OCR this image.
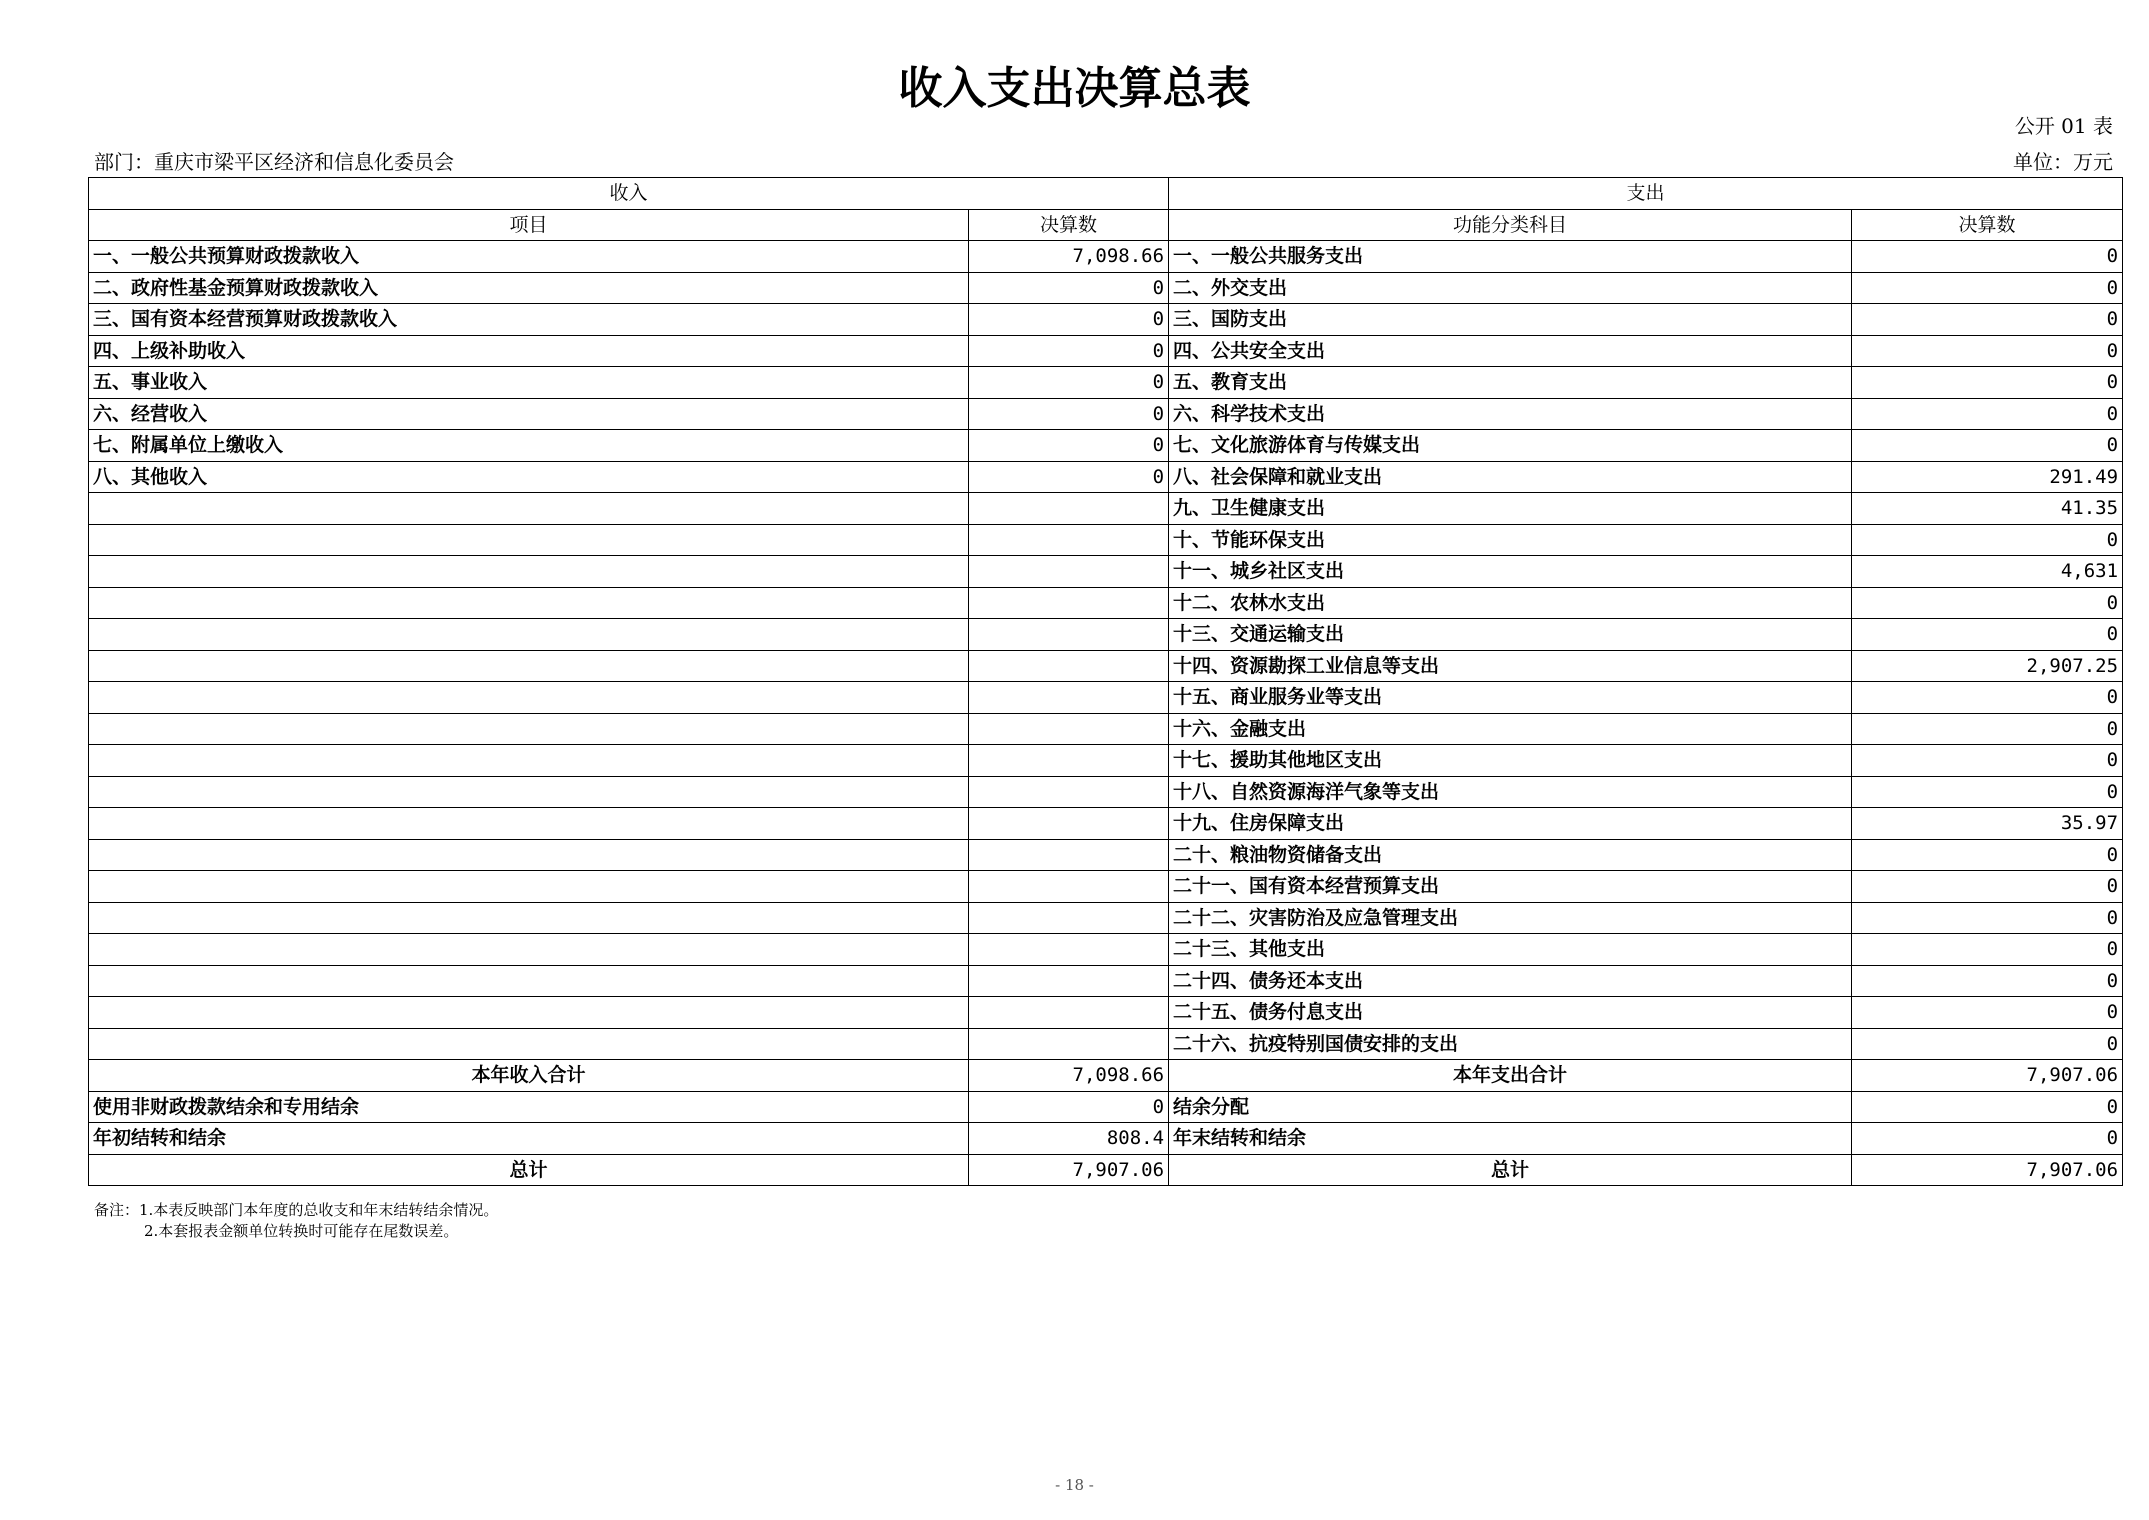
收入支出决算总表
公开 01 表
部门：重庆市梁平区经济和信息化委员会	单位：万元
收入		支出	
项目	决算数	功能分类科目	决算数
一、一般公共预算财政拨款收入	7,098.66	一、一般公共服务支出	0
二、政府性基金预算财政拨款收入	0	二、外交支出	0
三、国有资本经营预算财政拨款收入	0	三、国防支出	0
四、上级补助收入	0	四、公共安全支出	0
五、事业收入	0	五、教育支出	0
六、经营收入	0	六、科学技术支出	0
七、附属单位上缴收入	0	七、文化旅游体育与传媒支出	0
八、其他收入	0	八、社会保障和就业支出	291.49
		九、卫生健康支出	41.35
		十、节能环保支出	0
		十一、城乡社区支出	4,631
		十二、农林水支出	0
		十三、交通运输支出	0
		十四、资源勘探工业信息等支出	2,907.25
		十五、商业服务业等支出	0
		十六、金融支出	0
		十七、援助其他地区支出	0
		十八、自然资源海洋气象等支出	0
		十九、住房保障支出	35.97
		二十、粮油物资储备支出	0
		二十一、国有资本经营预算支出	0
		二十二、灾害防治及应急管理支出	0
		二十三、其他支出	0
		二十四、债务还本支出	0
		二十五、债务付息支出	0
		二十六、抗疫特别国债安排的支出	0
本年收入合计	7,098.66	本年支出合计	7,907.06
使用非财政拨款结余和专用结余	0	结余分配	0
年初结转和结余	808.4	年末结转和结余	0
总计	7,907.06	总计	7,907.06
备注：1.本表反映部门本年度的总收支和年末结转结余情况。
2.本套报表金额单位转换时可能存在尾数误差。
- 18 -
